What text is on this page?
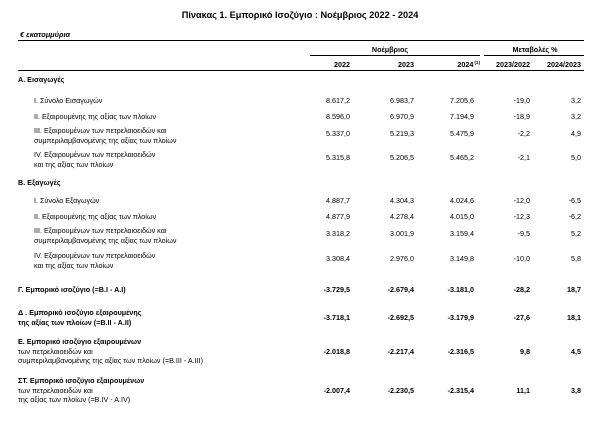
Πίνακας 1. Εμπορικό Ισοζύγιο : Νοέμβριος 2022 - 2024
€ εκατομμύρια
Νοέμβριος	Μεταβολές %
2022	2023	2024$^{(1)}$ 2023/2022 2024/2023
Α. Εισαγωγές
I. Σύνολο Εισαγωγών	8.617,2	6.983,7	7.205,6	-19,0	3,2
II. Εξαιρουμένης της αξίας των πλοίων	8.596,0	6.970,9	7.194,9	-18,9	3,2
III. Εξαιρουμένων των πετρελαιοειδών και
συμπεριλαμβανομένης της αξίας των πλοίων
5.337,0	5.219,3	5.475,9	-2,2	4,9
IV. Εξαιρουμένων των πετρελαιοειδών
και της αξίας των πλοίων
5.315,8	5.206,5	5.465,2	-2,1	5,0
Β. Εξαγωγές
I. Σύνολο Εξαγωγών	4.887,7	4.304,3	4.024,6	-12,0	-6,5
II. Εξαιρουμένης της αξίας των πλοίων	4.877,9	4.278,4	4.015,0	-12,3	-6,2
III. Εξαιρουμένων των πετρελαιοειδών και
συμπεριλαμβανομένης της αξίας των πλοίων
3.318,2	3.001,9	3.159,4	-9,5	5,2
IV. Εξαιρουμένων των πετρελαιοειδών
και της αξίας των πλοίων
3.308,4	2.976,0	3.149,8	-10,0	5,8
Γ. Εμπορικό ισοζύγιο (=B.I - A.I)	-3.729,5	-2.679,4	-3.181,0	-28,2	18,7
Δ . Εμπορικό ισοζύγιο εξαιρουμένης
της αξίας των πλοίων (=B.II - A.II)	-3.718,1	-2.692,5	-3.179,9	-27,6	18,1
Ε. Εμπορικό ισοζύγιο εξαιρουμένων
των πετρελαιοειδών και
συμπεριλαμβανομένης της αξίας των πλοίων (=B.III - A.III)
-2.018,8	-2.217,4	-2.316,5	9,8	4,5
ΣΤ. Εμπορικό ισοζύγιο εξαιρουμένων
των πετρελαιοειδών και
της αξίας των πλοίων (=B.IV - A.IV)
-2.007,4	-2.230,5	-2.315,4	11,1	3,8
